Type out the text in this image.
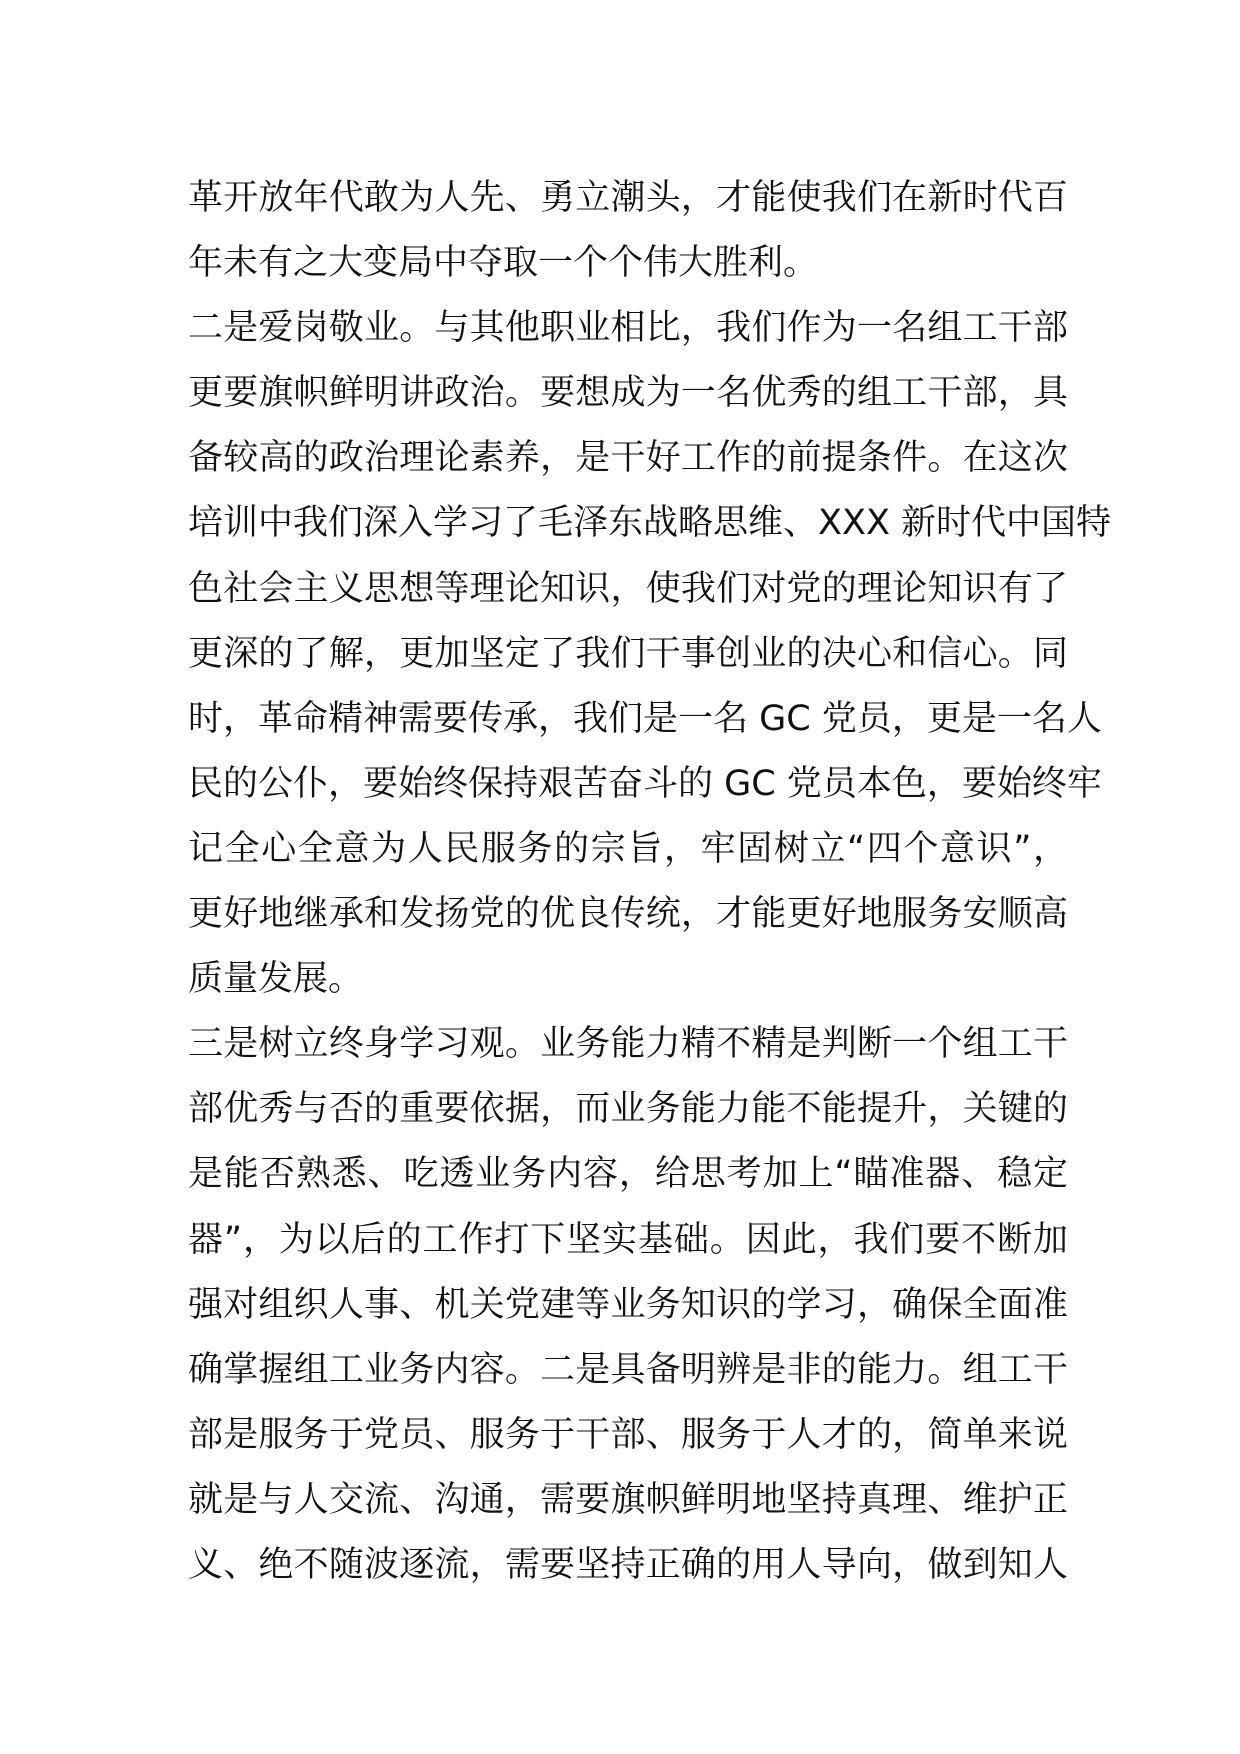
革开放年代敢为人先、勇立潮头，才能使我们在新时代百
年未有之大变局中夺取一个个伟大胜利。
二是爱岗敬业。与其他职业相比，我们作为一名组工干部
更要旗帜鲜明讲政治。要想成为一名优秀的组工干部，具
备较高的政治理论素养，是干好工作的前提条件。在这次
培训中我们深入学习了毛泽东战略思维、XXX 新时代中国特
色社会主义思想等理论知识，使我们对党的理论知识有了
更深的了解，更加坚定了我们干事创业的决心和信心。同
时，革命精神需要传承，我们是一名 GC 党员，更是一名人
民的公仆，要始终保持艰苦奋斗的 GC 党员本色，要始终牢
记全心全意为人民服务的宗旨，牢固树立“四个意识”，
更好地继承和发扬党的优良传统，才能更好地服务安顺高
质量发展。
三是树立终身学习观。业务能力精不精是判断一个组工干
部优秀与否的重要依据，而业务能力能不能提升，关键的
是能否熟悉、吃透业务内容，给思考加上“瞄准器、稳定
器”，为以后的工作打下坚实基础。因此，我们要不断加
强对组织人事、机关党建等业务知识的学习，确保全面准
确掌握组工业务内容。二是具备明辨是非的能力。组工干
部是服务于党员、服务于干部、服务于人才的，简单来说
就是与人交流、沟通，需要旗帜鲜明地坚持真理、维护正
义、绝不随波逐流，需要坚持正确的用人导向，做到知人
